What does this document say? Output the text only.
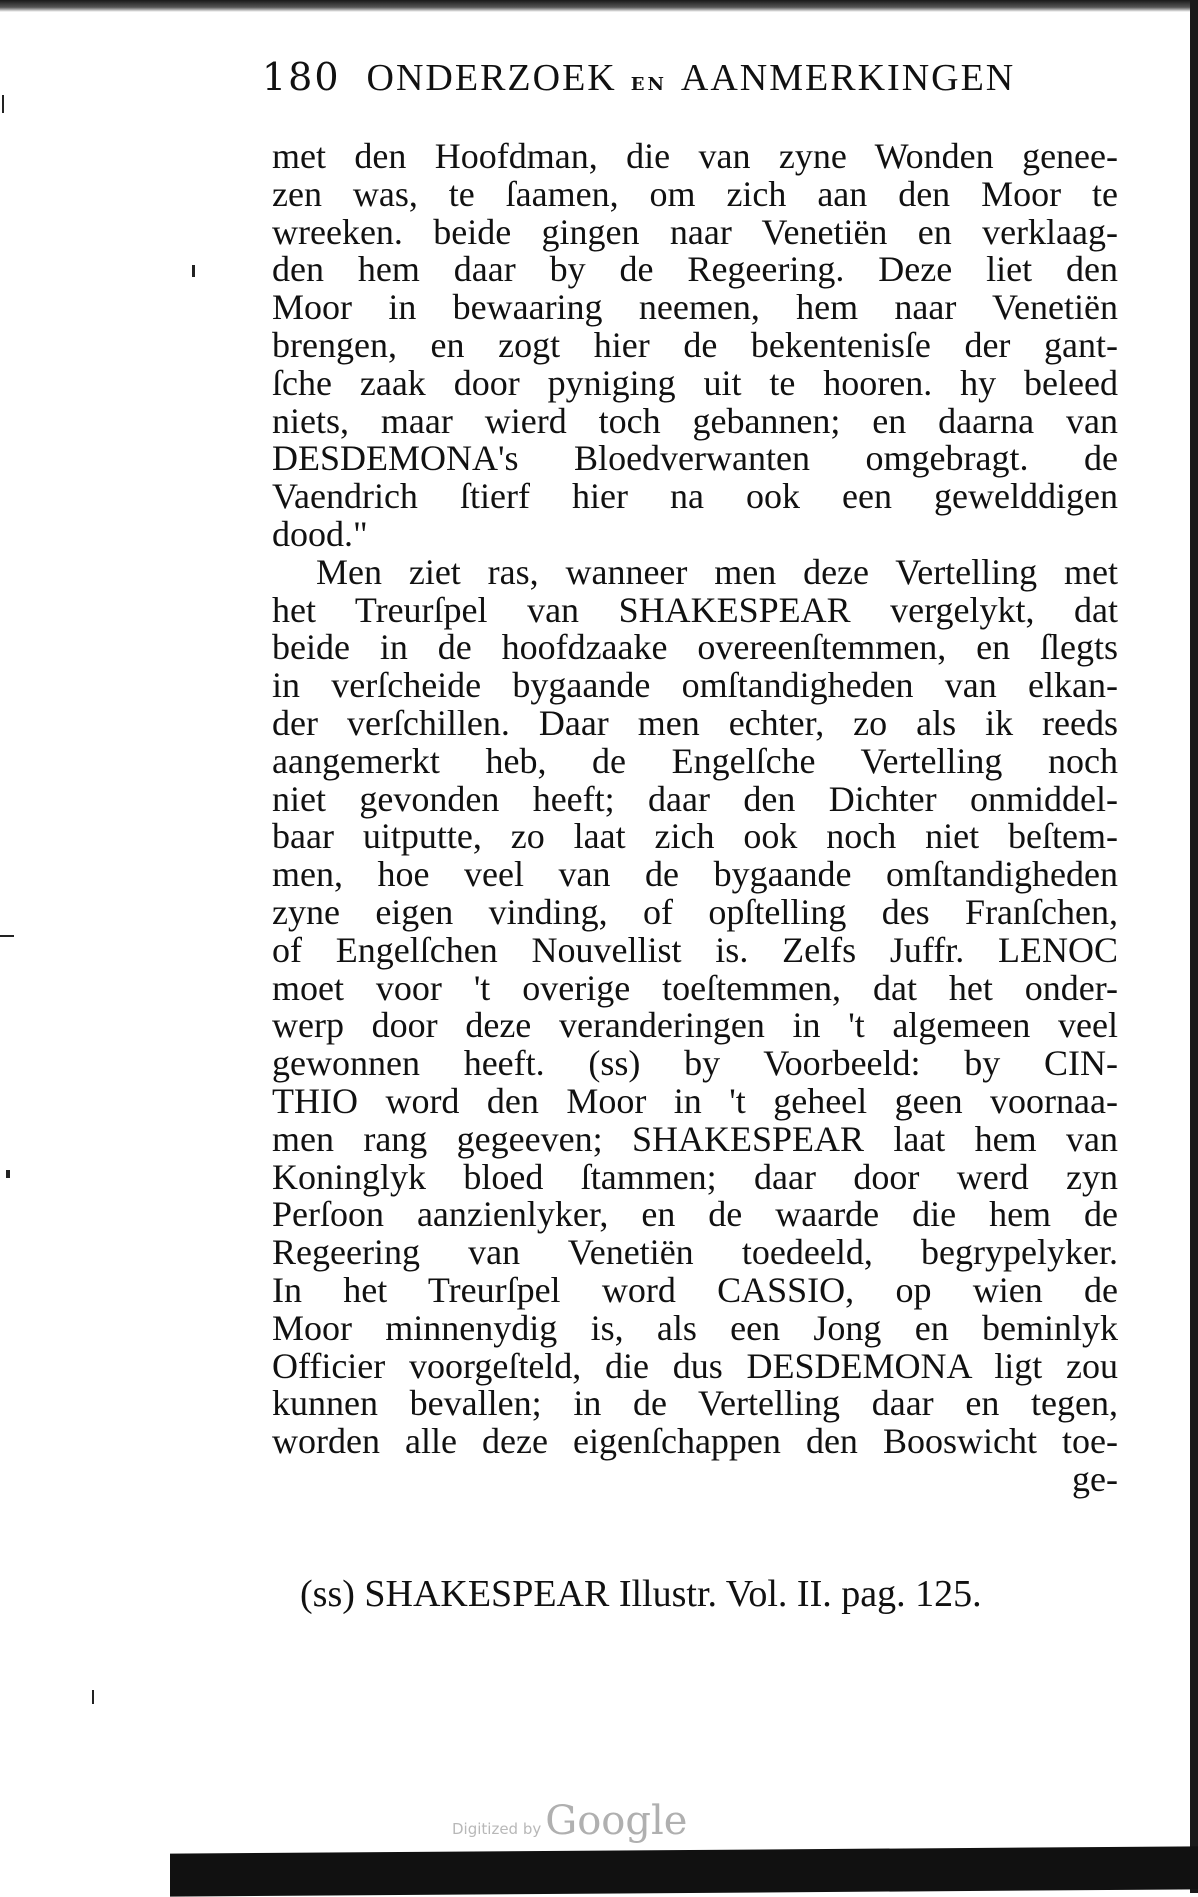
180 ONDERZOEK EN AANMERKINGEN
met den Hoofdman, die van zyne Wonden genee-
zen was, te ſaamen, om zich aan den Moor te
wreeken. beide gingen naar Venetiën en verklaag-
den hem daar by de Regeering. Deze liet den
Moor in bewaaring neemen, hem naar Venetiën
brengen, en zogt hier de bekentenisſe der gant-
ſche zaak door pyniging uit te hooren. hy beleed
niets, maar wierd toch gebannen; en daarna van
DESDEMONA's Bloedverwanten omgebragt. de
Vaendrich ſtierf hier na ook een gewelddigen
dood."
Men ziet ras, wanneer men deze Vertelling met
het Treurſpel van SHAKESPEAR vergelykt, dat
beide in de hoofdzaake overeenſtemmen, en ſlegts
in verſcheide bygaande omſtandigheden van elkan-
der verſchillen. Daar men echter, zo als ik reeds
aangemerkt heb, de Engelſche Vertelling noch
niet gevonden heeft; daar den Dichter onmiddel-
baar uitputte, zo laat zich ook noch niet beſtem-
men, hoe veel van de bygaande omſtandigheden
zyne eigen vinding, of opſtelling des Franſchen,
of Engelſchen Nouvellist is. Zelfs Juffr. LENOC
moet voor 't overige toeſtemmen, dat het onder-
werp door deze veranderingen in 't algemeen veel
gewonnen heeft. (ss) by Voorbeeld: by CIN-
THIO word den Moor in 't geheel geen voornaa-
men rang gegeeven; SHAKESPEAR laat hem van
Koninglyk bloed ſtammen; daar door werd zyn
Perſoon aanzienlyker, en de waarde die hem de
Regeering van Venetiën toedeeld, begrypelyker.
In het Treurſpel word CASSIO, op wien de
Moor minnenydig is, als een Jong en beminlyk
Officier voorgeſteld, die dus DESDEMONA ligt zou
kunnen bevallen; in de Vertelling daar en tegen,
worden alle deze eigenſchappen den Booswicht toe-
ge-

(ss) SHAKESPEAR Illustr. Vol. II. pag. 125.

Digitized by Google
